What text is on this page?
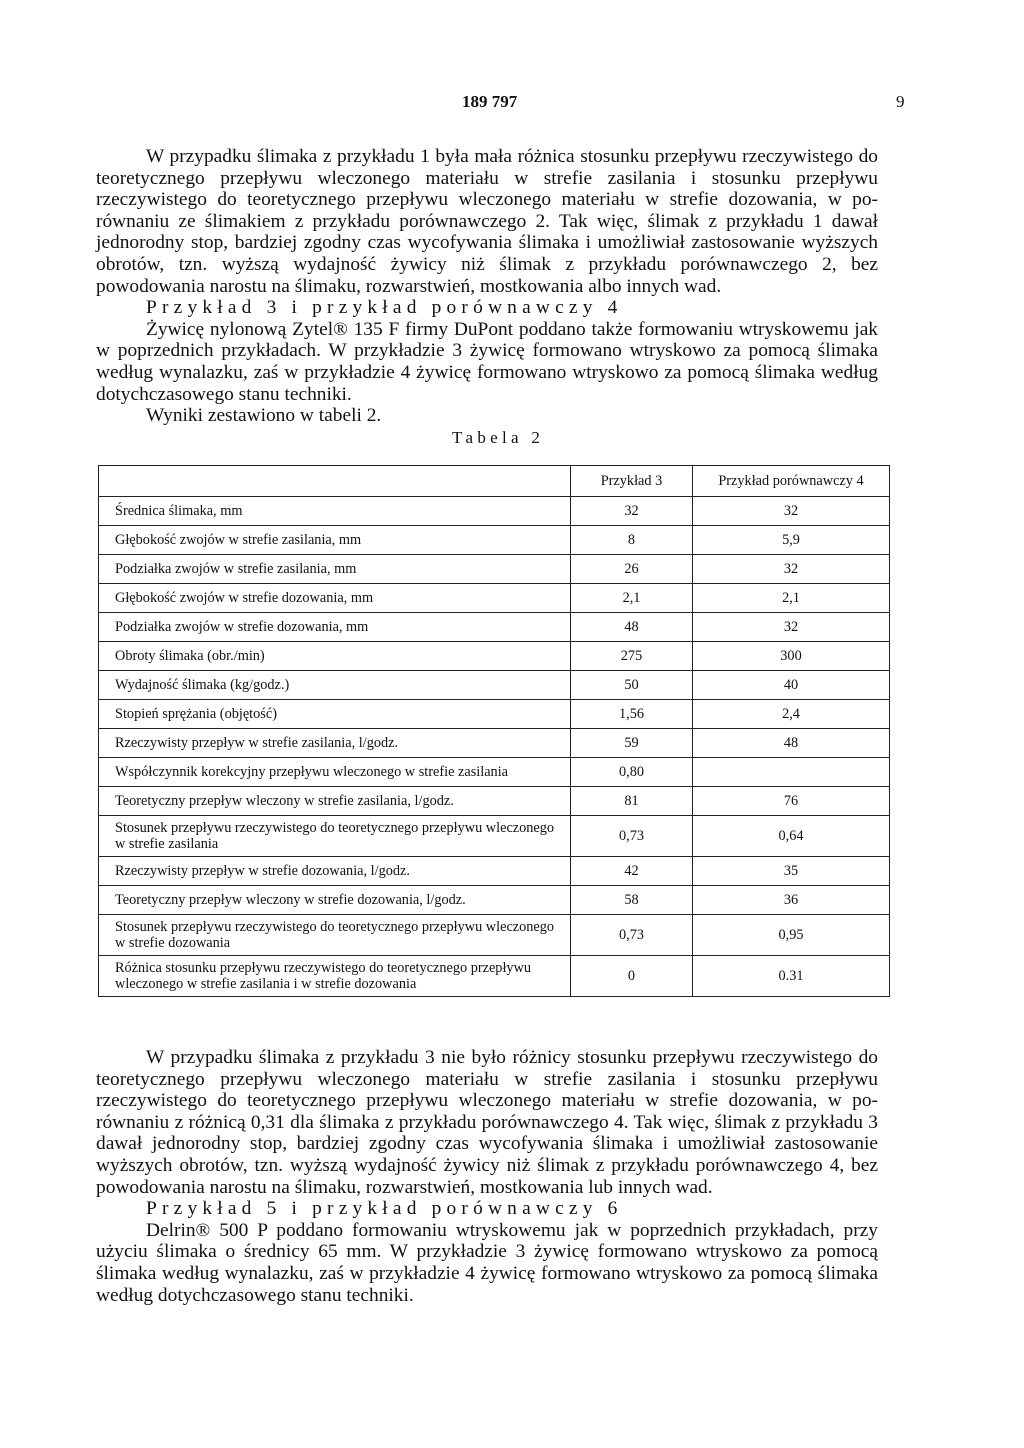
189 797	9

W przypadku ślimaka z przykładu 1 była mała różnica stosunku przepływu rzeczywistego do teoretycznego przepływu wleczonego materiału w strefie zasilania i stosunku przepływu rzeczywistego do teoretycznego przepływu wleczonego materiału w strefie dozowania, w porównaniu ze ślimakiem z przykładu porównawczego 2. Tak więc, ślimak z przykładu 1 dawał jednorodny stop, bardziej zgodny czas wycofywania ślimaka i umożliwiał zastosowanie wyższych obrotów, tzn. wyższą wydajność żywicy niż ślimak z przykładu porównawczego 2, bez powodowania narostu na ślimaku, rozwarstwień, mostkowania albo innych wad.

Przykład 3 i przykład porównawczy 4

Żywicę nylonową Zytel® 135 F firmy DuPont poddano także formowaniu wtryskowemu jak w poprzednich przykładach. W przykładzie 3 żywicę formowano wtryskowo za pomocą ślimaka według wynalazku, zaś w przykładzie 4 żywicę formowano wtryskowo za pomocą ślimaka według dotychczasowego stanu techniki.

Wyniki zestawiono w tabeli 2.

Tabela 2

	Przykład 3	Przykład porównawczy 4
Średnica ślimaka, mm	32	32
Głębokość zwojów w strefie zasilania, mm	8	5,9
Podziałka zwojów w strefie zasilania, mm	26	32
Głębokość zwojów w strefie dozowania, mm	2,1	2,1
Podziałka zwojów w strefie dozowania, mm	48	32
Obroty ślimaka (obr./min)	275	300
Wydajność ślimaka (kg/godz.)	50	40
Stopień sprężania (objętość)	1,56	2,4
Rzeczywisty przepływ w strefie zasilania, l/godz.	59	48
Współczynnik korekcyjny przepływu wleczonego w strefie zasilania	0,80	
Teoretyczny przepływ wleczony w strefie zasilania, l/godz.	81	76
Stosunek przepływu rzeczywistego do teoretycznego przepływu wleczonego w strefie zasilania	0,73	0,64
Rzeczywisty przepływ w strefie dozowania, l/godz.	42	35
Teoretyczny przepływ wleczony w strefie dozowania, l/godz.	58	36
Stosunek przepływu rzeczywistego do teoretycznego przepływu wleczonego w strefie dozowania	0,73	0,95
Różnica stosunku przepływu rzeczywistego do teoretycznego przepływu wleczonego w strefie zasilania i w strefie dozowania	0	0.31

W przypadku ślimaka z przykładu 3 nie było różnicy stosunku przepływu rzeczywistego do teoretycznego przepływu wleczonego materiału w strefie zasilania i stosunku przepływu rzeczywistego do teoretycznego przepływu wleczonego materiału w strefie dozowania, w porównaniu z różnicą 0,31 dla ślimaka z przykładu porównawczego 4. Tak więc, ślimak z przykładu 3 dawał jednorodny stop, bardziej zgodny czas wycofywania ślimaka i umożliwiał zastosowanie wyższych obrotów, tzn. wyższą wydajność żywicy niż ślimak z przykładu porównawczego 4, bez powodowania narostu na ślimaku, rozwarstwień, mostkowania lub innych wad.

Przykład 5 i przykład porównawczy 6

Delrin® 500 P poddano formowaniu wtryskowemu jak w poprzednich przykładach, przy użyciu ślimaka o średnicy 65 mm. W przykładzie 3 żywicę formowano wtryskowo za pomocą ślimaka według wynalazku, zaś w przykładzie 4 żywicę formowano wtryskowo za pomocą ślimaka według dotychczasowego stanu techniki.
